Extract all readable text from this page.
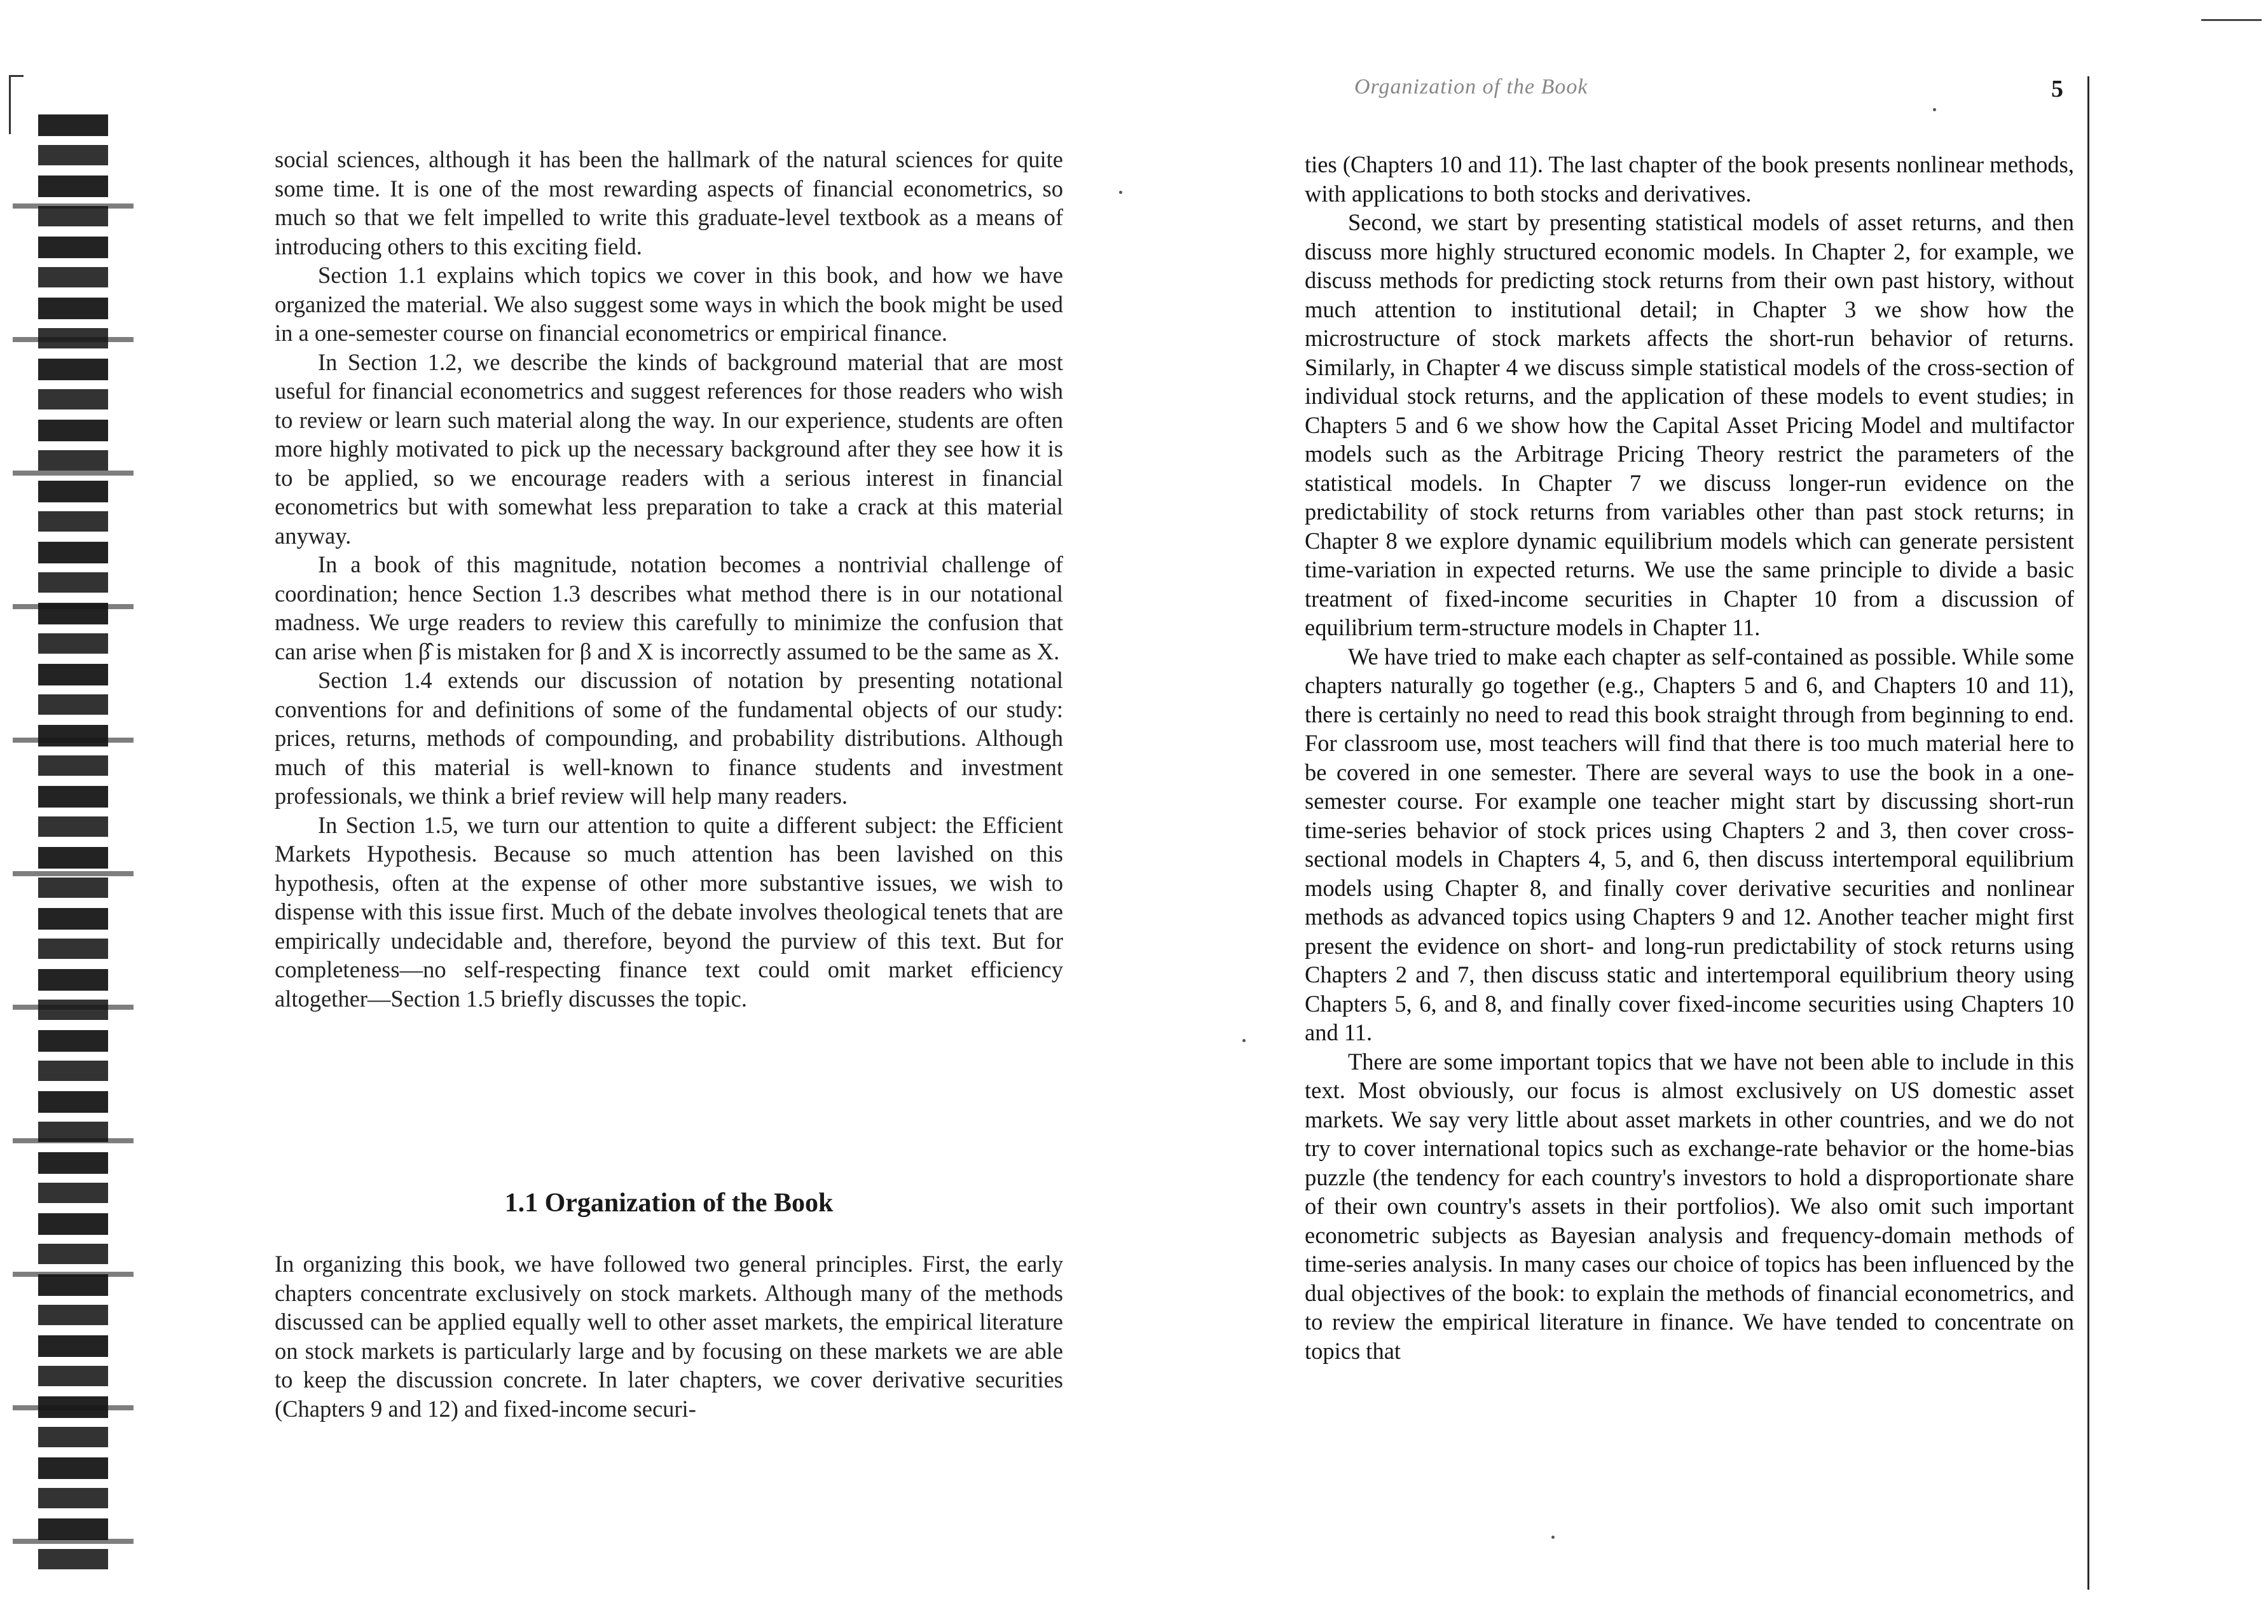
Organization of the Book	5

social sciences, although it has been the hallmark of the natural sciences for quite some time. It is one of the most rewarding aspects of financial econometrics, so much so that we felt impelled to write this graduate-level textbook as a means of introducing others to this exciting field.

Section 1.1 explains which topics we cover in this book, and how we have organized the material. We also suggest some ways in which the book might be used in a one-semester course on financial econometrics or empirical finance.

In Section 1.2, we describe the kinds of background material that are most useful for financial econometrics and suggest references for those readers who wish to review or learn such material along the way. In our experience, students are often more highly motivated to pick up the necessary background after they see how it is to be applied, so we encourage readers with a serious interest in financial econometrics but with somewhat less preparation to take a crack at this material anyway.

In a book of this magnitude, notation becomes a nontrivial challenge of coordination; hence Section 1.3 describes what method there is in our notational madness. We urge readers to review this carefully to minimize the confusion that can arise when β̂ is mistaken for β and X is incorrectly assumed to be the same as X.

Section 1.4 extends our discussion of notation by presenting notational conventions for and definitions of some of the fundamental objects of our study: prices, returns, methods of compounding, and probability distributions. Although much of this material is well-known to finance students and investment professionals, we think a brief review will help many readers.

In Section 1.5, we turn our attention to quite a different subject: the Efficient Markets Hypothesis. Because so much attention has been lavished on this hypothesis, often at the expense of other more substantive issues, we wish to dispense with this issue first. Much of the debate involves theological tenets that are empirically undecidable and, therefore, beyond the purview of this text. But for completeness—no self-respecting finance text could omit market efficiency altogether—Section 1.5 briefly discusses the topic.

1.1 Organization of the Book

In organizing this book, we have followed two general principles. First, the early chapters concentrate exclusively on stock markets. Although many of the methods discussed can be applied equally well to other asset markets, the empirical literature on stock markets is particularly large and by focusing on these markets we are able to keep the discussion concrete. In later chapters, we cover derivative securities (Chapters 9 and 12) and fixed-income securi-

ties (Chapters 10 and 11). The last chapter of the book presents nonlinear methods, with applications to both stocks and derivatives.

Second, we start by presenting statistical models of asset returns, and then discuss more highly structured economic models. In Chapter 2, for example, we discuss methods for predicting stock returns from their own past history, without much attention to institutional detail; in Chapter 3 we show how the microstructure of stock markets affects the short-run behavior of returns. Similarly, in Chapter 4 we discuss simple statistical models of the cross-section of individual stock returns, and the application of these models to event studies; in Chapters 5 and 6 we show how the Capital Asset Pricing Model and multifactor models such as the Arbitrage Pricing Theory restrict the parameters of the statistical models. In Chapter 7 we discuss longer-run evidence on the predictability of stock returns from variables other than past stock returns; in Chapter 8 we explore dynamic equilibrium models which can generate persistent time-variation in expected returns. We use the same principle to divide a basic treatment of fixed-income securities in Chapter 10 from a discussion of equilibrium term-structure models in Chapter 11.

We have tried to make each chapter as self-contained as possible. While some chapters naturally go together (e.g., Chapters 5 and 6, and Chapters 10 and 11), there is certainly no need to read this book straight through from beginning to end. For classroom use, most teachers will find that there is too much material here to be covered in one semester. There are several ways to use the book in a one-semester course. For example one teacher might start by discussing short-run time-series behavior of stock prices using Chapters 2 and 3, then cover cross-sectional models in Chapters 4, 5, and 6, then discuss intertemporal equilibrium models using Chapter 8, and finally cover derivative securities and nonlinear methods as advanced topics using Chapters 9 and 12. Another teacher might first present the evidence on short- and long-run predictability of stock returns using Chapters 2 and 7, then discuss static and intertemporal equilibrium theory using Chapters 5, 6, and 8, and finally cover fixed-income securities using Chapters 10 and 11.

There are some important topics that we have not been able to include in this text. Most obviously, our focus is almost exclusively on US domestic asset markets. We say very little about asset markets in other countries, and we do not try to cover international topics such as exchange-rate behavior or the home-bias puzzle (the tendency for each country's investors to hold a disproportionate share of their own country's assets in their portfolios). We also omit such important econometric subjects as Bayesian analysis and frequency-domain methods of time-series analysis. In many cases our choice of topics has been influenced by the dual objectives of the book: to explain the methods of financial econometrics, and to review the empirical literature in finance. We have tended to concentrate on topics that
